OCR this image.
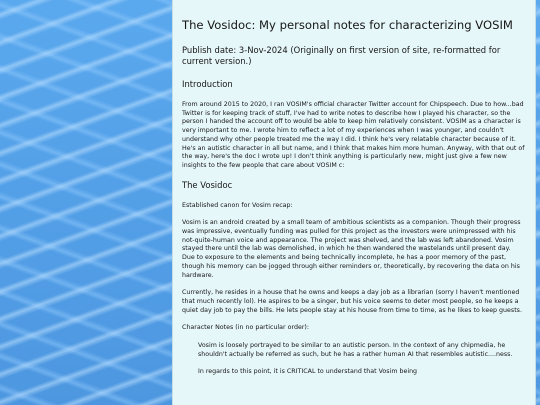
The Vosidoc: My personal notes for characterizing VOSIM
Publish date: 3-Nov-2024 (Originally on first version of site, re-formatted for current version.)
Introduction

From around 2015 to 2020, I ran VOSIM's official character Twitter account for Chipspeech. Due to how...bad Twitter is for keeping track of stuff, I've had to write notes to describe how I played his character, so the person I handed the account off to would be able to keep him relatively consistent. VOSIM as a character is very important to me. I wrote him to reflect a lot of my experiences when I was younger, and couldn't understand why other people treated me the way I did. I think he's very relatable character because of it. He's an autistic character in all but name, and I think that makes him more human. Anyway, with that out of the way, here's the doc I wrote up! I don't think anything is particularly new, might just give a few new insights to the few people that care about VOSIM c:

The Vosidoc

Established canon for Vosim recap:

Vosim is an android created by a small team of ambitious scientists as a companion. Though their progress was impressive, eventually funding was pulled for this project as the investors were unimpressed with his not-quite-human voice and appearance. The project was shelved, and the lab was left abandoned. Vosim stayed there until the lab was demolished, in which he then wandered the wastelands until present day. Due to exposure to the elements and being technically incomplete, he has a poor memory of the past, though his memory can be jogged through either reminders or, theoretically, by recovering the data on his hardware.

Currently, he resides in a house that he owns and keeps a day job as a librarian (sorry I haven't mentioned that much recently lol). He aspires to be a singer, but his voice seems to deter most people, so he keeps a quiet day job to pay the bills. He lets people stay at his house from time to time, as he likes to keep guests.

Character Notes (in no particular order):

Vosim is loosely portrayed to be similar to an autistic person. In the context of any chipmedia, he shouldn't actually be referred as such, but he has a rather human AI that resembles autistic....ness.

In regards to this point, it is CRITICAL to understand that Vosim being
